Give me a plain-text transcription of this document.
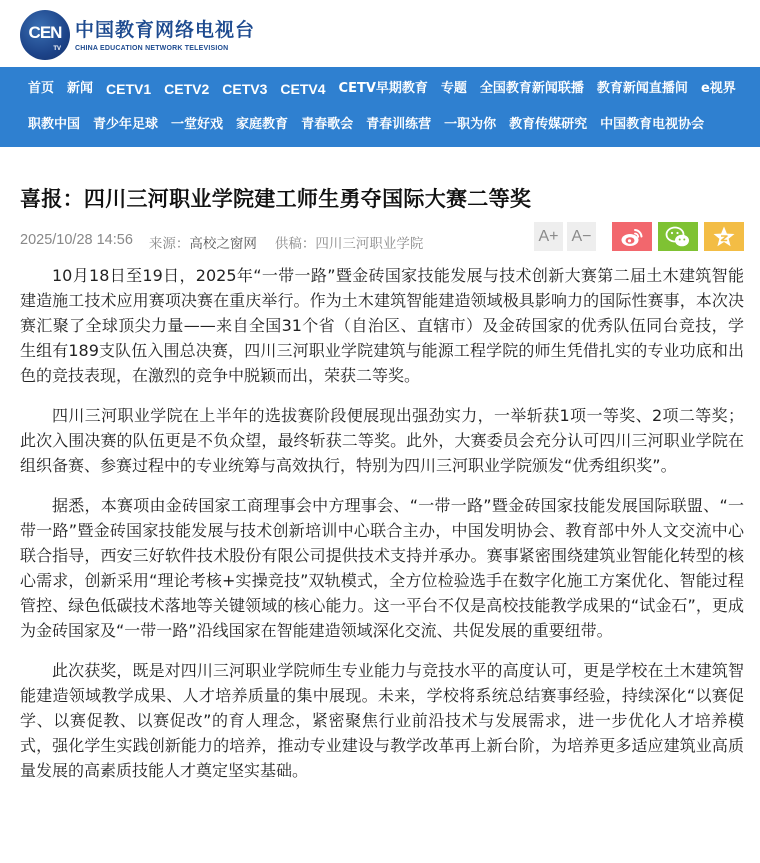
CEN
TV
中国教育网络电视台
CHINA EDUCATION NETWORK TELEVISION
首页 新闻 CETV1 CETV2 CETV3 CETV4 CETV早期教育 专题 全国教育新闻联播 教育新闻直播间 e视界
职教中国 青少年足球 一堂好戏 家庭教育 青春歌会 青春训练营 一职为你 教育传媒研究 中国教育电视协会
喜报：四川三河职业学院建工师生勇夺国际大赛二等奖
2025/10/28 14:56 来源： 高校之窗网 供稿： 四川三河职业学院	A+ A−

10月18日至19日，2025年“一带一路”暨金砖国家技能发展与技术创新大赛第二届土木建筑智能建造施工技术应用赛项决赛在重庆举行。作为土木建筑智能建造领域极具影响力的国际性赛事，本次决赛汇聚了全球顶尖力量——来自全国31个省（自治区、直辖市）及金砖国家的优秀队伍同台竞技，学生组有189支队伍入围总决赛，四川三河职业学院建筑与能源工程学院的师生凭借扎实的专业功底和出色的竞技表现，在激烈的竞争中脱颖而出，荣获二等奖。

四川三河职业学院在上半年的选拔赛阶段便展现出强劲实力，一举斩获1项一等奖、2项二等奖；此次入围决赛的队伍更是不负众望，最终斩获二等奖。此外，大赛委员会充分认可四川三河职业学院在组织备赛、参赛过程中的专业统筹与高效执行，特别为四川三河职业学院颁发“优秀组织奖”。

据悉，本赛项由金砖国家工商理事会中方理事会、“一带一路”暨金砖国家技能发展国际联盟、“一带一路”暨金砖国家技能发展与技术创新培训中心联合主办，中国发明协会、教育部中外人文交流中心联合指导，西安三好软件技术股份有限公司提供技术支持并承办。赛事紧密围绕建筑业智能化转型的核心需求，创新采用“理论考核+实操竞技”双轨模式，全方位检验选手在数字化施工方案优化、智能过程管控、绿色低碳技术落地等关键领域的核心能力。这一平台不仅是高校技能教学成果的“试金石”，更成为金砖国家及“一带一路”沿线国家在智能建造领域深化交流、共促发展的重要纽带。

此次获奖，既是对四川三河职业学院师生专业能力与竞技水平的高度认可，更是学校在土木建筑智能建造领域教学成果、人才培养质量的集中展现。未来，学校将系统总结赛事经验，持续深化“以赛促学、以赛促教、以赛促改”的育人理念，紧密聚焦行业前沿技术与发展需求，进一步优化人才培养模式，强化学生实践创新能力的培养，推动专业建设与教学改革再上新台阶，为培养更多适应建筑业高质量发展的高素质技能人才奠定坚实基础。
